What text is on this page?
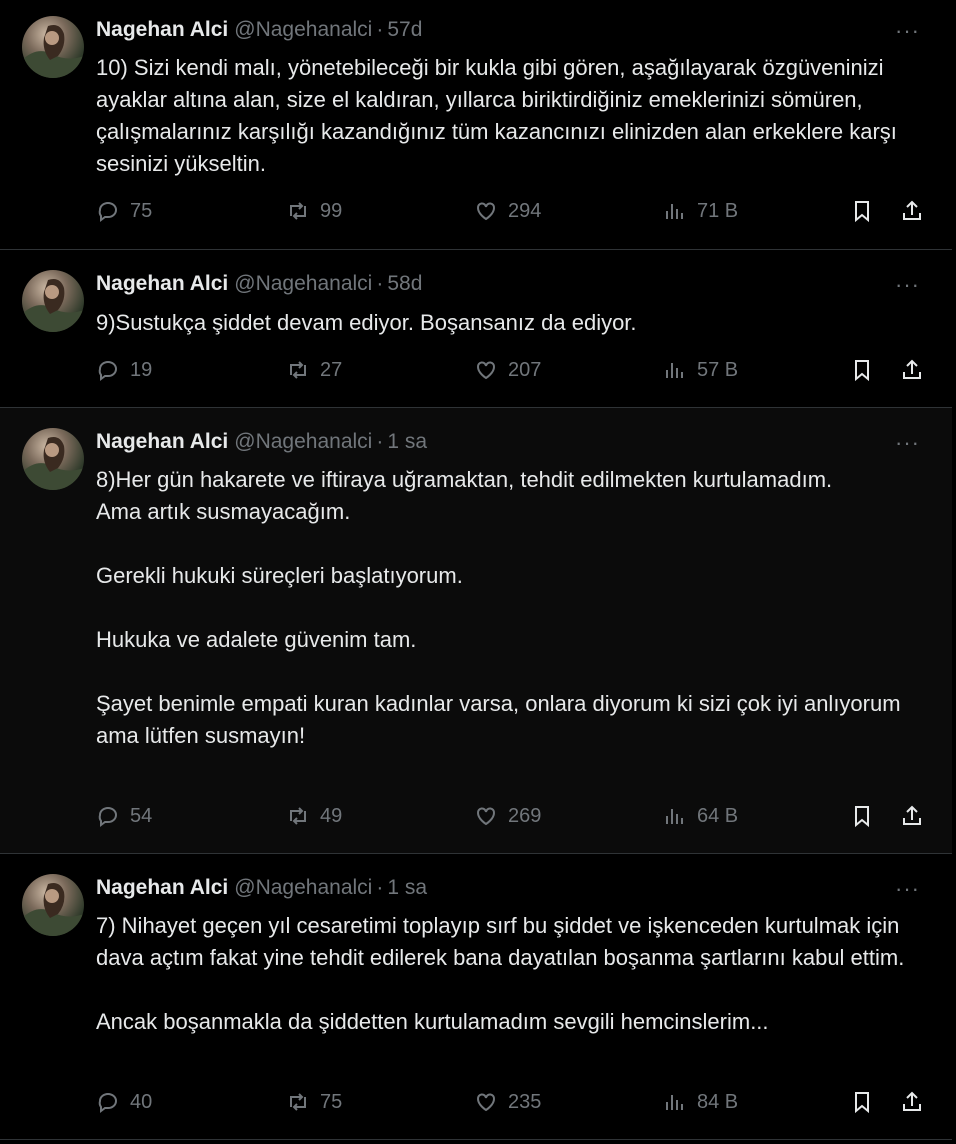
Nagehan Alci @Nagehanalci · 57d	···
10) Sizi kendi malı, yönetebileceği bir kukla gibi gören, aşağılayarak özgüveninizi ayaklar altına alan, size el kaldıran, yıllarca biriktirdiğiniz emeklerinizi sömüren, çalışmalarınız karşılığı kazandığınız tüm kazancınızı elinizden alan erkeklere karşı sesinizi yükseltin.
75	99	294	71 B
Nagehan Alci @Nagehanalci · 58d	···
9)Sustukça şiddet devam ediyor. Boşansanız da ediyor.
19	27	207	57 B
Nagehan Alci @Nagehanalci · 1 sa	···
8)Her gün hakarete ve iftiraya uğramaktan, tehdit edilmekten kurtulamadım.
Ama artık susmayacağım.

Gerekli hukuki süreçleri başlatıyorum.

Hukuka ve adalete güvenim tam.

Şayet benimle empati kuran kadınlar varsa, onlara diyorum ki sizi çok iyi anlıyorum ama lütfen susmayın!
54	49	269	64 B
Nagehan Alci @Nagehanalci · 1 sa	···
7) Nihayet geçen yıl cesaretimi toplayıp sırf bu şiddet ve işkenceden kurtulmak için dava açtım fakat yine tehdit edilerek bana dayatılan boşanma şartlarını kabul ettim.

Ancak boşanmakla da şiddetten kurtulamadım sevgili hemcinslerim...
40	75	235	84 B
